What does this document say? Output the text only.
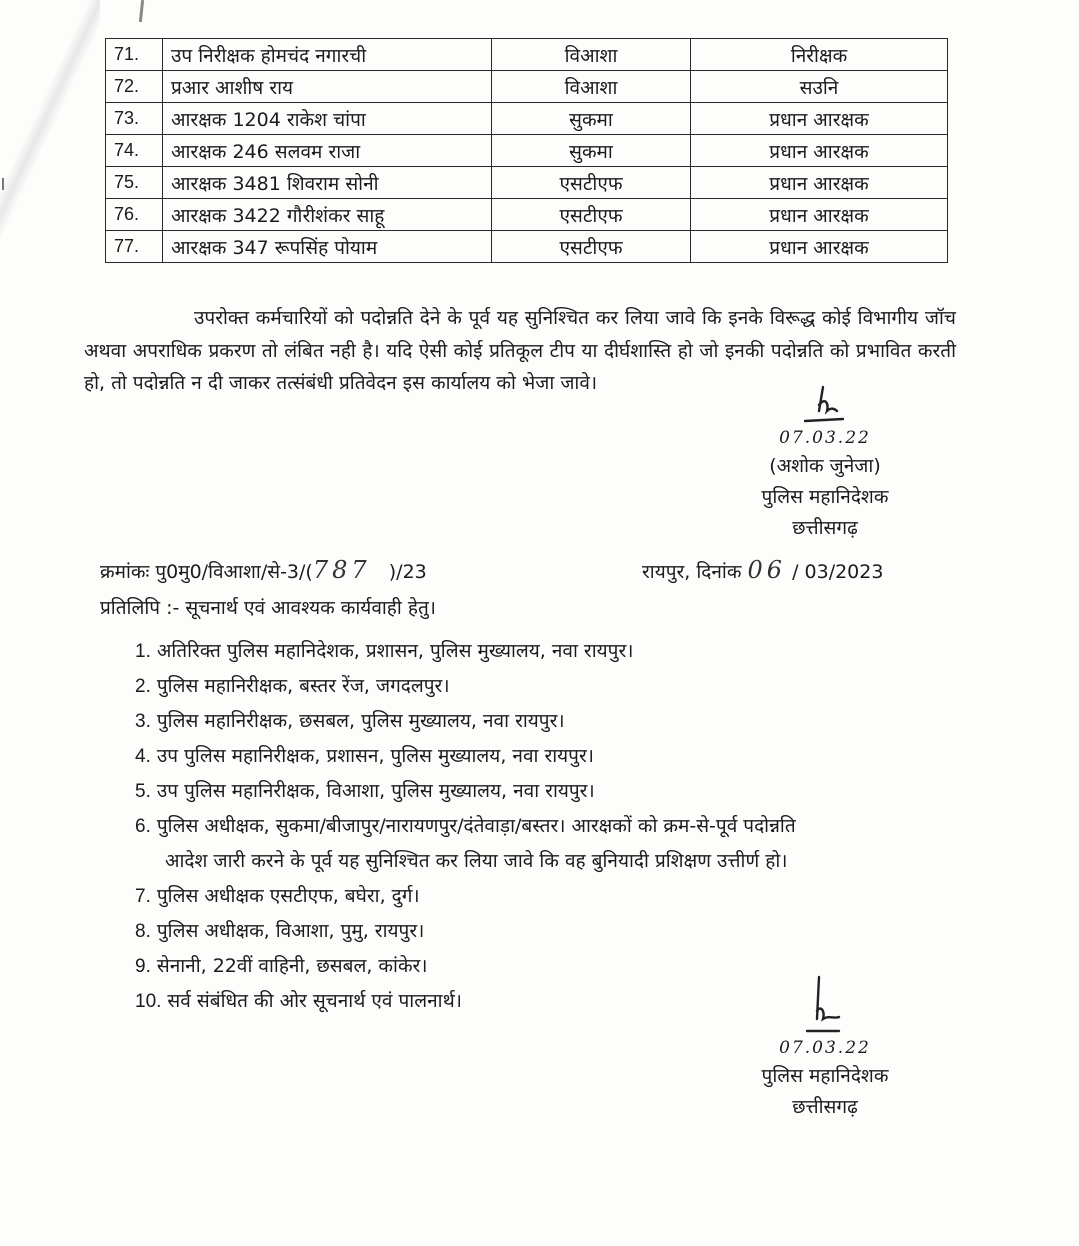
71.	उप निरीक्षक होमचंद नगारची	विआशा	निरीक्षक
72.	प्रआर आशीष राय	विआशा	सउनि
73.	आरक्षक 1204 राकेश चांपा	सुकमा	प्रधान आरक्षक
74.	आरक्षक 246 सलवम राजा	सुकमा	प्रधान आरक्षक
75.	आरक्षक 3481 शिवराम सोनी	एसटीएफ	प्रधान आरक्षक
76.	आरक्षक 3422 गौरीशंकर साहू	एसटीएफ	प्रधान आरक्षक
77.	आरक्षक 347 रूपसिंह पोयाम	एसटीएफ	प्रधान आरक्षक

उपरोक्त कर्मचारियों को पदोन्नति देने के पूर्व यह सुनिश्चित कर लिया जावे कि इनके विरूद्ध कोई विभागीय जॉच अथवा अपराधिक प्रकरण तो लंबित नही है। यदि ऐसी कोई प्रतिकूल टीप या दीर्घशास्ति हो जो इनकी पदोन्नति को प्रभावित करती हो, तो पदोन्नति न दी जाकर तत्संबंधी प्रतिवेदन इस कार्यालय को भेजा जावे।

07.03.22
(अशोक जुनेजा)
पुलिस महानिदेशक
छत्तीसगढ़
क्रमांकः पु0मु0/विआशा/से-3/(787 )/23	रायपुर, दिनांक 06 / 03/2023
प्रतिलिपि :- सूचनार्थ एवं आवश्यक कार्यवाही हेतु।
1. अतिरिक्त पुलिस महानिदेशक, प्रशासन, पुलिस मुख्यालय, नवा रायपुर।
2. पुलिस महानिरीक्षक, बस्तर रेंज, जगदलपुर।
3. पुलिस महानिरीक्षक, छसबल, पुलिस मुख्यालय, नवा रायपुर।
4. उप पुलिस महानिरीक्षक, प्रशासन, पुलिस मुख्यालय, नवा रायपुर।
5. उप पुलिस महानिरीक्षक, विआशा, पुलिस मुख्यालय, नवा रायपुर।
6. पुलिस अधीक्षक, सुकमा/बीजापुर/नारायणपुर/दंतेवाड़ा/बस्तर। आरक्षकों को क्रम-से-पूर्व पदोन्नति
आदेश जारी करने के पूर्व यह सुनिश्चित कर लिया जावे कि वह बुनियादी प्रशिक्षण उत्तीर्ण हो।
7. पुलिस अधीक्षक एसटीएफ, बघेरा, दुर्ग।
8. पुलिस अधीक्षक, विआशा, पुमु, रायपुर।
9. सेनानी, 22वीं वाहिनी, छसबल, कांकेर।
10. सर्व संबंधित की ओर सूचनार्थ एवं पालनार्थ।
07.03.22
पुलिस महानिदेशक
छत्तीसगढ़
